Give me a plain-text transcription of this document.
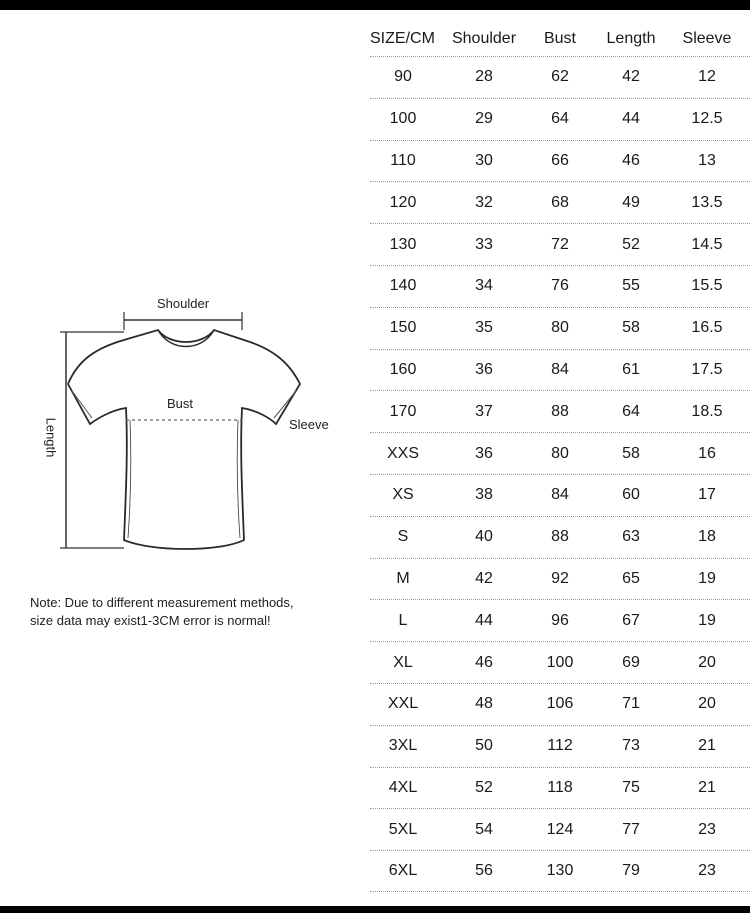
Shoulder
Bust
Sleeve
Length
Note: Due to different measurement methods,
size data may exist1-3CM error is normal!
SIZE/CM	Shoulder	Bust	Length	Sleeve
90	28	62	42	12
100	29	64	44	12.5
110	30	66	46	13
120	32	68	49	13.5
130	33	72	52	14.5
140	34	76	55	15.5
150	35	80	58	16.5
160	36	84	61	17.5
170	37	88	64	18.5
XXS	36	80	58	16
XS	38	84	60	17
S	40	88	63	18
M	42	92	65	19
L	44	96	67	19
XL	46	100	69	20
XXL	48	106	71	20
3XL	50	112	73	21
4XL	52	118	75	21
5XL	54	124	77	23
6XL	56	130	79	23
